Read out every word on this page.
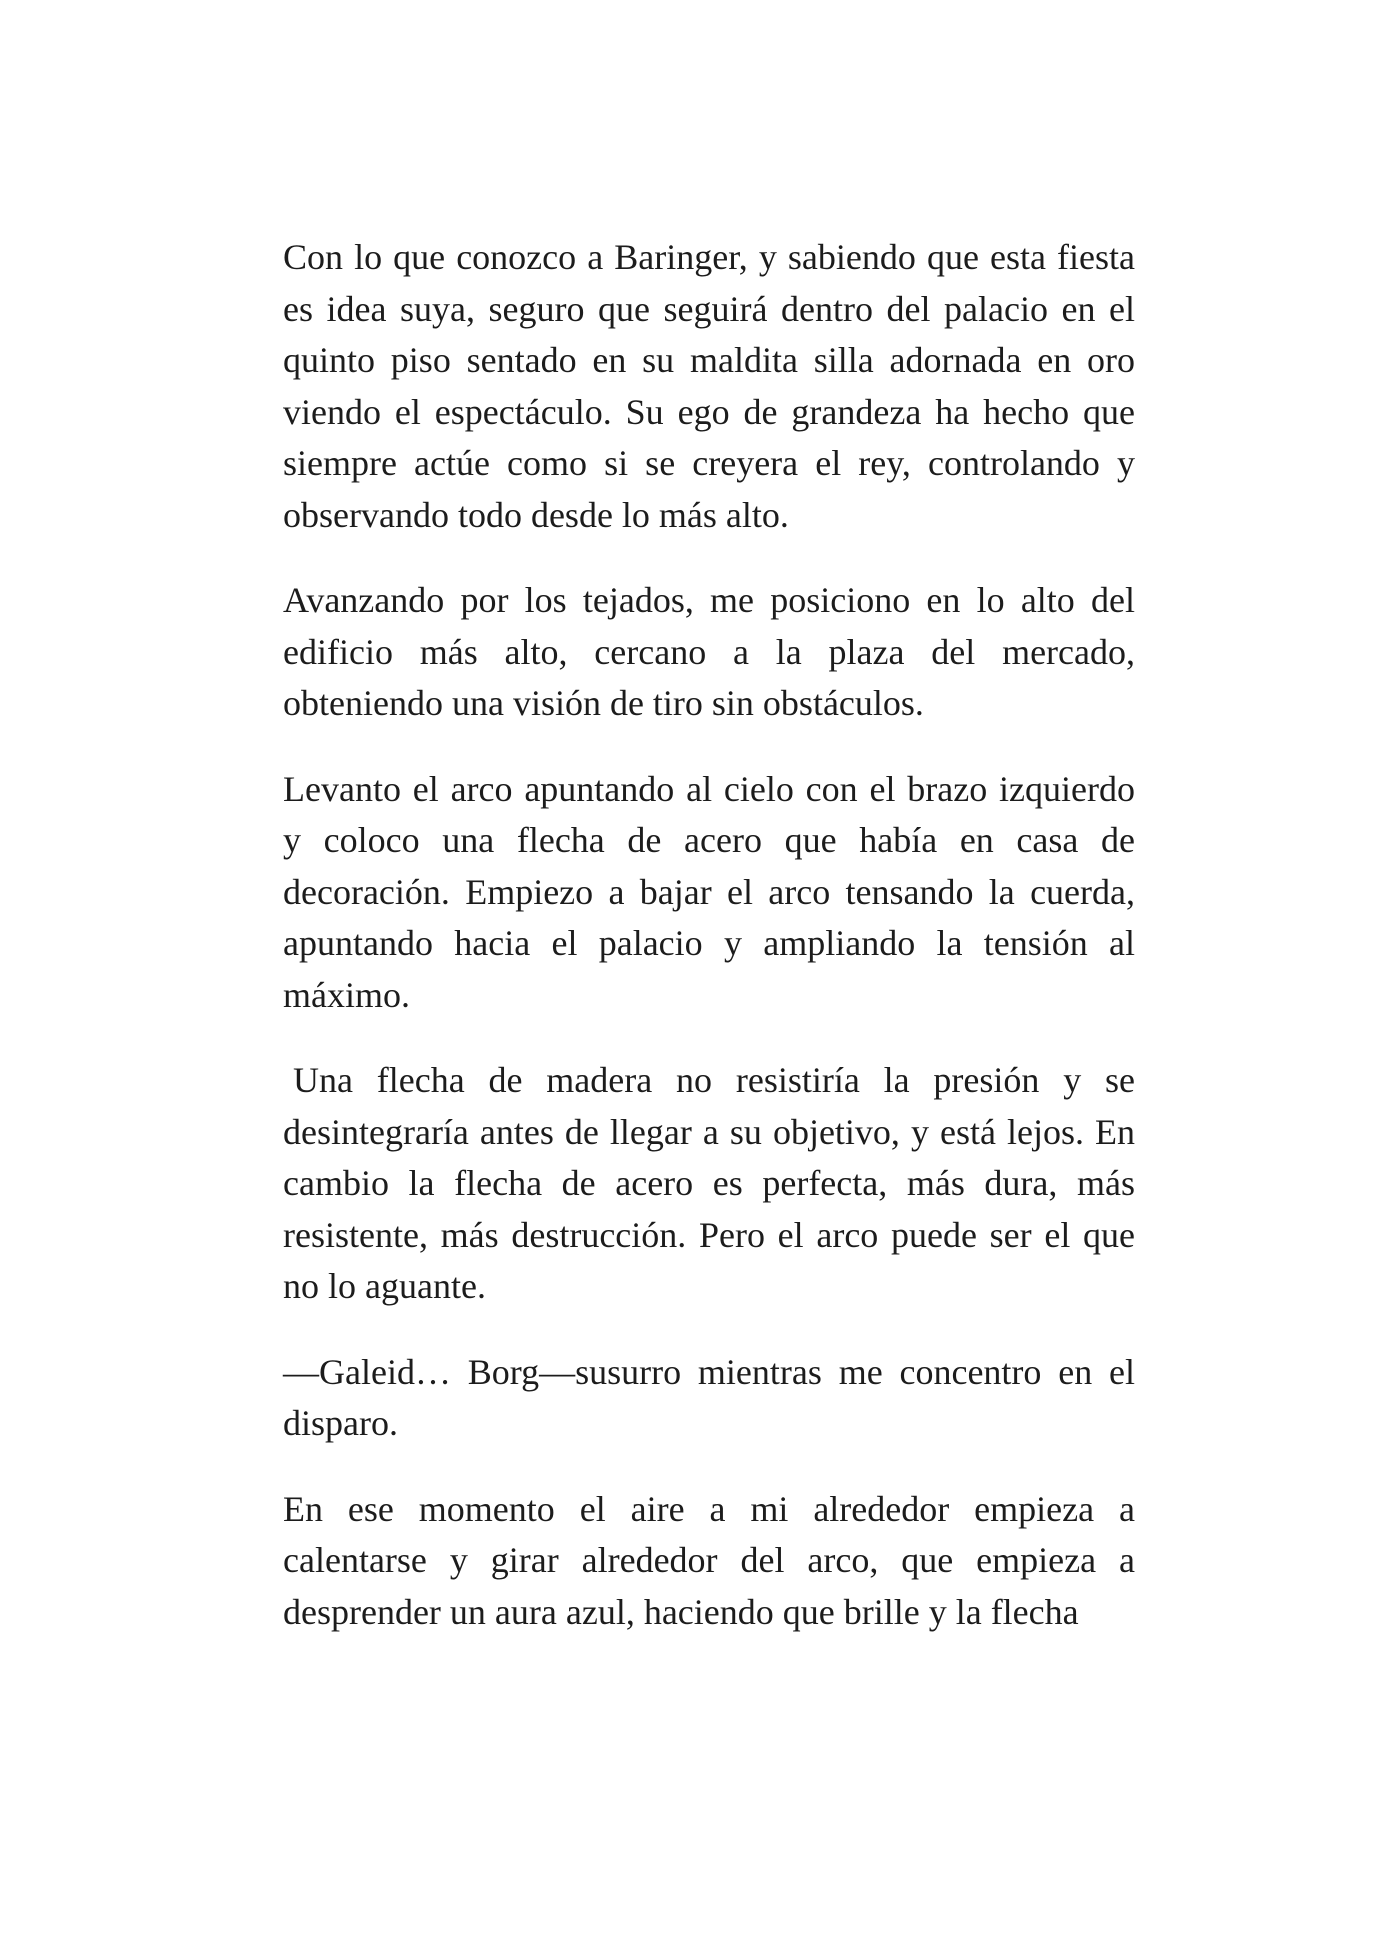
Con lo que conozco a Baringer, y sabiendo que esta fiesta es idea suya, seguro que seguirá dentro del palacio en el quinto piso sentado en su maldita silla adornada en oro viendo el espectáculo. Su ego de grandeza ha hecho que siempre actúe como si se creyera el rey, controlando y observando todo desde lo más alto.

Avanzando por los tejados, me posiciono en lo alto del edificio más alto, cercano a la plaza del mercado, obteniendo una visión de tiro sin obstáculos.

Levanto el arco apuntando al cielo con el brazo izquierdo y coloco una flecha de acero que había en casa de decoración. Empiezo a bajar el arco tensando la cuerda, apuntando hacia el palacio y ampliando la tensión al máximo.

Una flecha de madera no resistiría la presión y se desintegraría antes de llegar a su objetivo, y está lejos. En cambio la flecha de acero es perfecta, más dura, más resistente, más destrucción. Pero el arco puede ser el que no lo aguante.

—Galeid… Borg—susurro mientras me concentro en el disparo.

En ese momento el aire a mi alrededor empieza a calentarse y girar alrededor del arco, que empieza a desprender un aura azul, haciendo que brille y la flecha
